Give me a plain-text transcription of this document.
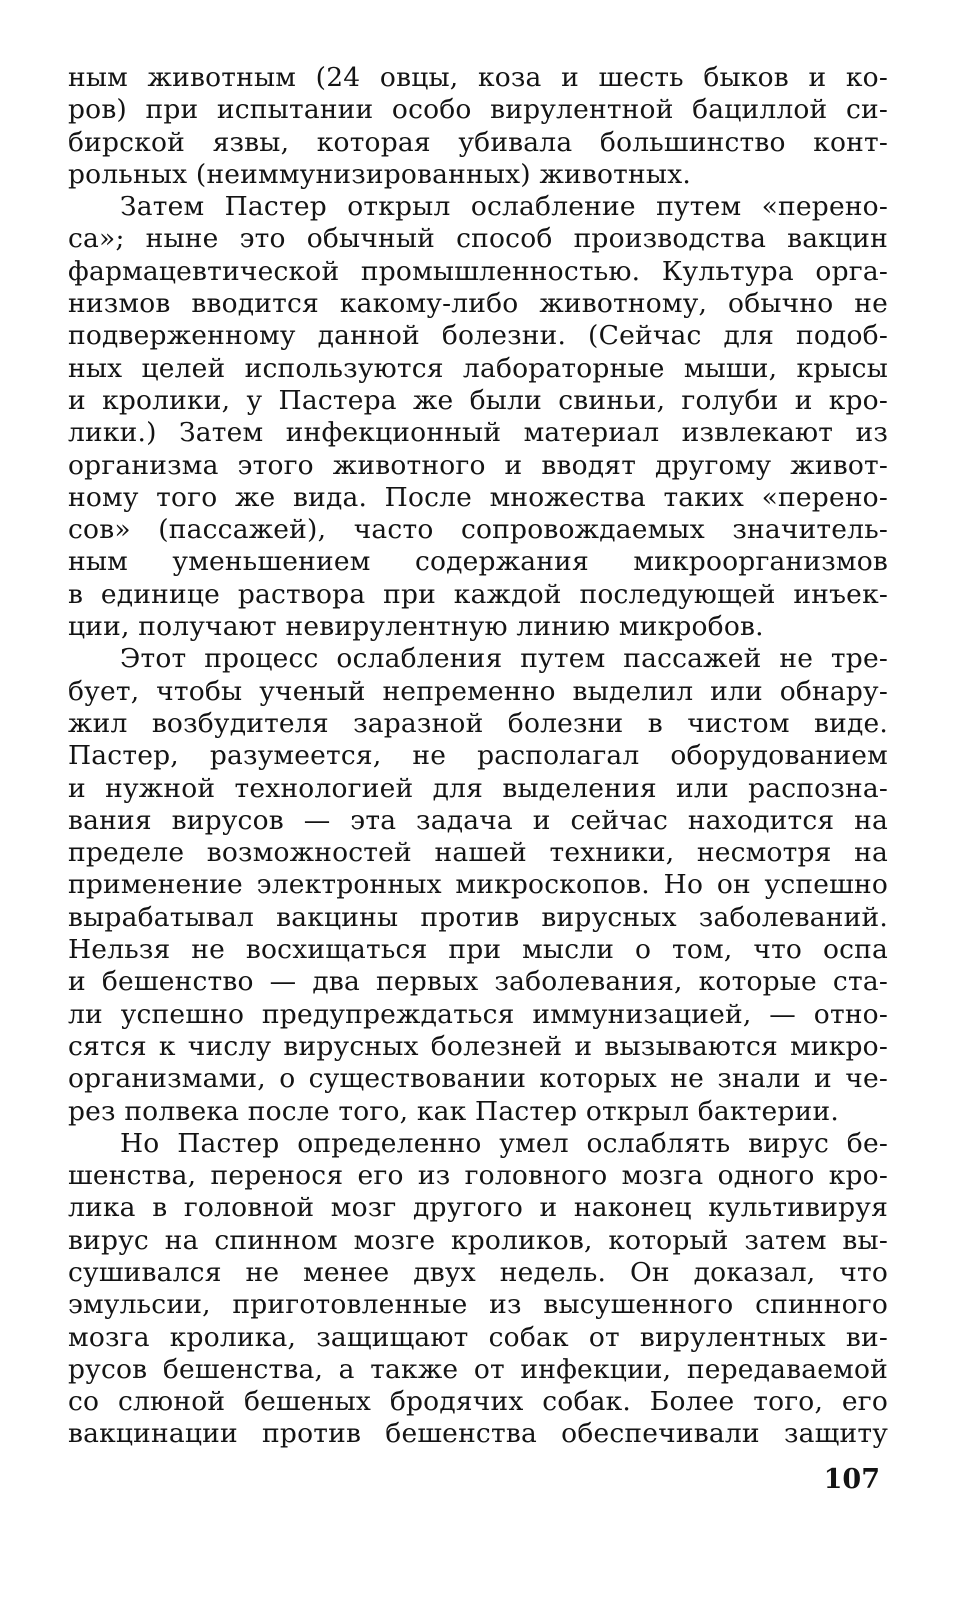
ным животным (24 овцы, коза и шесть быков и ко-
ров) при испытании особо вирулентной бациллой си-
бирской язвы, которая убивала большинство конт-
рольных (неиммунизированных) животных.
Затем Пастер открыл ослабление путем «перено-
са»; ныне это обычный способ производства вакцин
фармацевтической промышленностью. Культура орга-
низмов вводится какому-либо животному, обычно не
подверженному данной болезни. (Сейчас для подоб-
ных целей используются лабораторные мыши, крысы
и кролики, у Пастера же были свиньи, голуби и кро-
лики.) Затем инфекционный материал извлекают из
организма этого животного и вводят другому живот-
ному того же вида. После множества таких «перено-
сов» (пассажей), часто сопровождаемых значитель-
ным уменьшением содержания микроорганизмов
в единице раствора при каждой последующей инъек-
ции, получают невирулентную линию микробов.
Этот процесс ослабления путем пассажей не тре-
бует, чтобы ученый непременно выделил или обнару-
жил возбудителя заразной болезни в чистом виде.
Пастер, разумеется, не располагал оборудованием
и нужной технологией для выделения или распозна-
вания вирусов — эта задача и сейчас находится на
пределе возможностей нашей техники, несмотря на
применение электронных микроскопов. Но он успешно
вырабатывал вакцины против вирусных заболеваний.
Нельзя не восхищаться при мысли о том, что оспа
и бешенство — два первых заболевания, которые ста-
ли успешно предупреждаться иммунизацией, — отно-
сятся к числу вирусных болезней и вызываются микро-
организмами, о существовании которых не знали и че-
рез полвека после того, как Пастер открыл бактерии.
Но Пастер определенно умел ослаблять вирус бе-
шенства, перенося его из головного мозга одного кро-
лика в головной мозг другого и наконец культивируя
вирус на спинном мозге кроликов, который затем вы-
сушивался не менее двух недель. Он доказал, что
эмульсии, приготовленные из высушенного спинного
мозга кролика, защищают собак от вирулентных ви-
русов бешенства, а также от инфекции, передаваемой
со слюной бешеных бродячих собак. Более того, его
вакцинации против бешенства обеспечивали защиту
107
